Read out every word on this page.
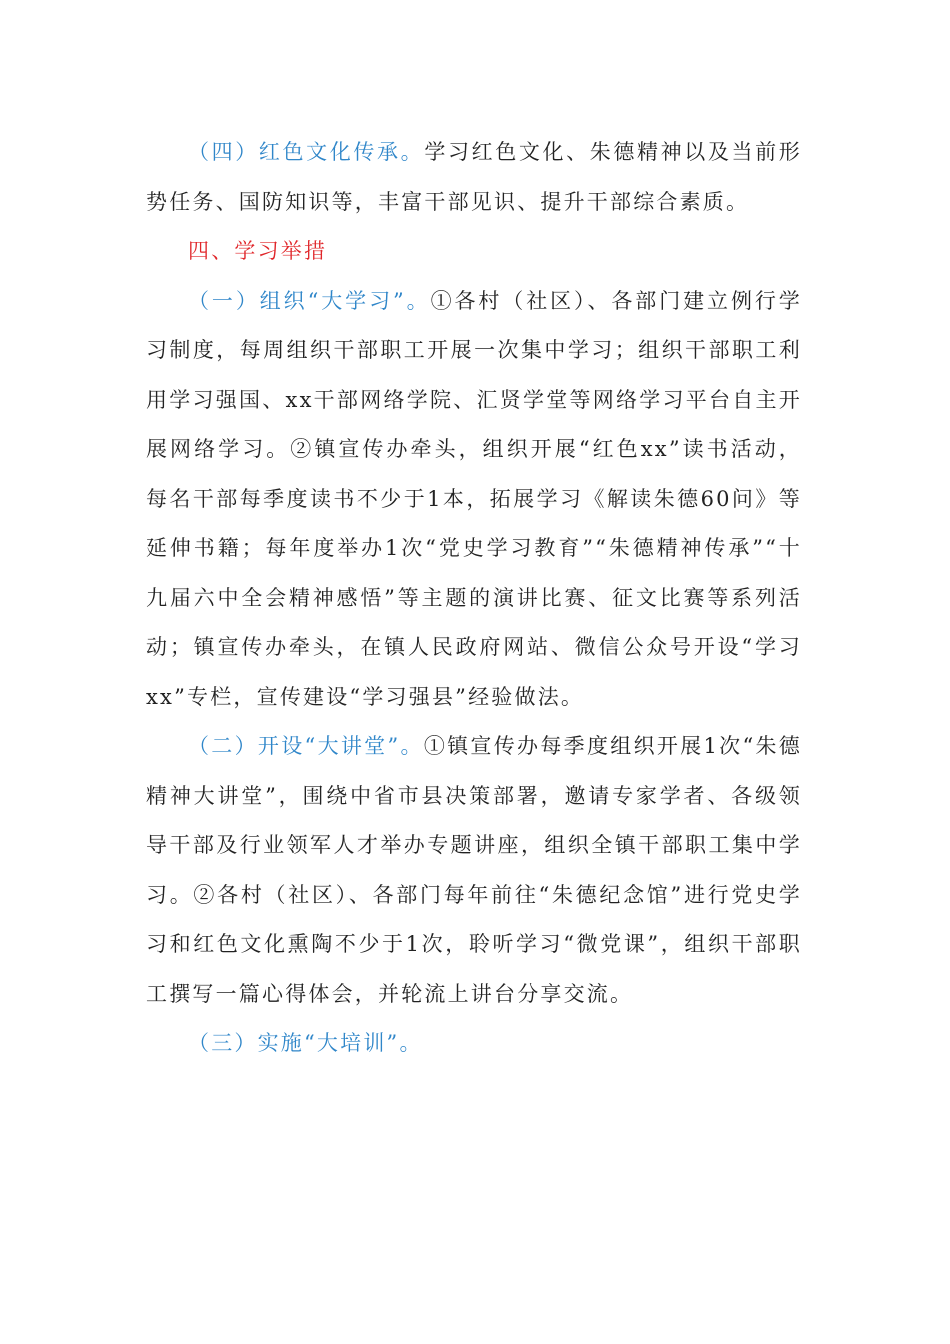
（四）红色文化传承。学习红色文化、朱德精神以及当前形势任务、国防知识等，丰富干部见识、提升干部综合素质。

四、学习举措

（一）组织“大学习”。①各村（社区）、各部门建立例行学习制度，每周组织干部职工开展一次集中学习；组织干部职工利用学习强国、xx干部网络学院、汇贤学堂等网络学习平台自主开展网络学习。②镇宣传办牵头，组织开展“红色xx”读书活动，每名干部每季度读书不少于1本，拓展学习《解读朱德60问》等延伸书籍；每年度举办1次“党史学习教育”“朱德精神传承”“十九届六中全会精神感悟”等主题的演讲比赛、征文比赛等系列活动；镇宣传办牵头，在镇人民政府网站、微信公众号开设“学习xx”专栏，宣传建设“学习强县”经验做法。

（二）开设“大讲堂”。①镇宣传办每季度组织开展1次“朱德精神大讲堂”，围绕中省市县决策部署，邀请专家学者、各级领导干部及行业领军人才举办专题讲座，组织全镇干部职工集中学习。②各村（社区）、各部门每年前往“朱德纪念馆”进行党史学习和红色文化熏陶不少于1次，聆听学习“微党课”，组织干部职工撰写一篇心得体会，并轮流上讲台分享交流。

（三）实施“大培训”。
